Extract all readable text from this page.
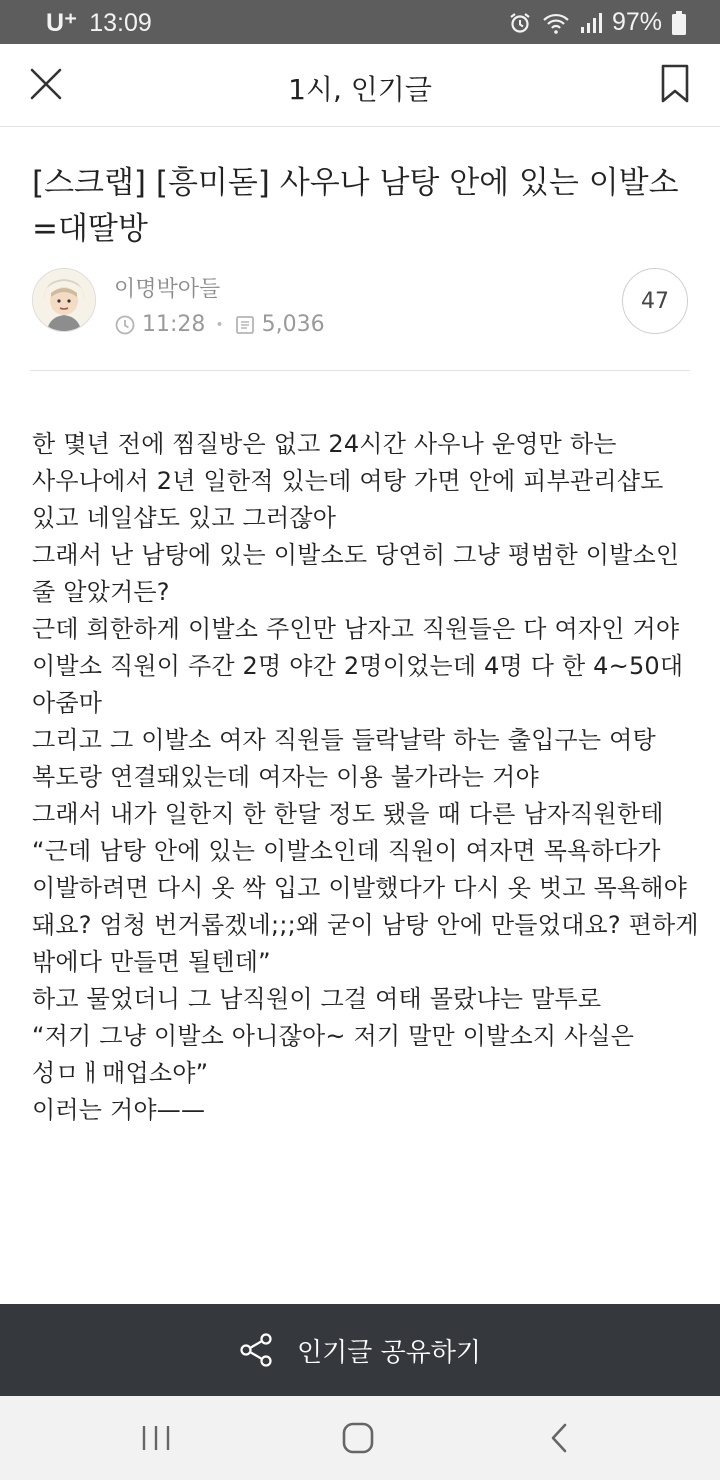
U⁺ 13:09	97%
1시, 인기글
[스크랩] [흥미돋] 사우나 남탕 안에 있는 이발소=대딸방
이명박아들
11:28 • 5,036
47

한 몇년 전에 찜질방은 없고 24시간 사우나 운영만 하는 사우나에서 2년 일한적 있는데 여탕 가면 안에 피부관리샵도 있고 네일샵도 있고 그러잖아

그래서 난 남탕에 있는 이발소도 당연히 그냥 평범한 이발소인 줄 알았거든?

근데 희한하게 이발소 주인만 남자고 직원들은 다 여자인 거야

이발소 직원이 주간 2명 야간 2명이었는데 4명 다 한 4~50대 아줌마

그리고 그 이발소 여자 직원들 들락날락 하는 출입구는 여탕 복도랑 연결돼있는데 여자는 이용 불가라는 거야

그래서 내가 일한지 한 한달 정도 됐을 때 다른 남자직원한테

“근데 남탕 안에 있는 이발소인데 직원이 여자면 목욕하다가 이발하려면 다시 옷 싹 입고 이발했다가 다시 옷 벗고 목욕해야 돼요? 엄청 번거롭겠네;;;왜 굳이 남탕 안에 만들었대요? 편하게 밖에다 만들면 될텐데”

하고 물었더니 그 남직원이 그걸 여태 몰랐냐는 말투로

“저기 그냥 이발소 아니잖아~ 저기 말만 이발소지 사실은 성ㅁㅐ매업소야”

이러는 거야——

인기글 공유하기
